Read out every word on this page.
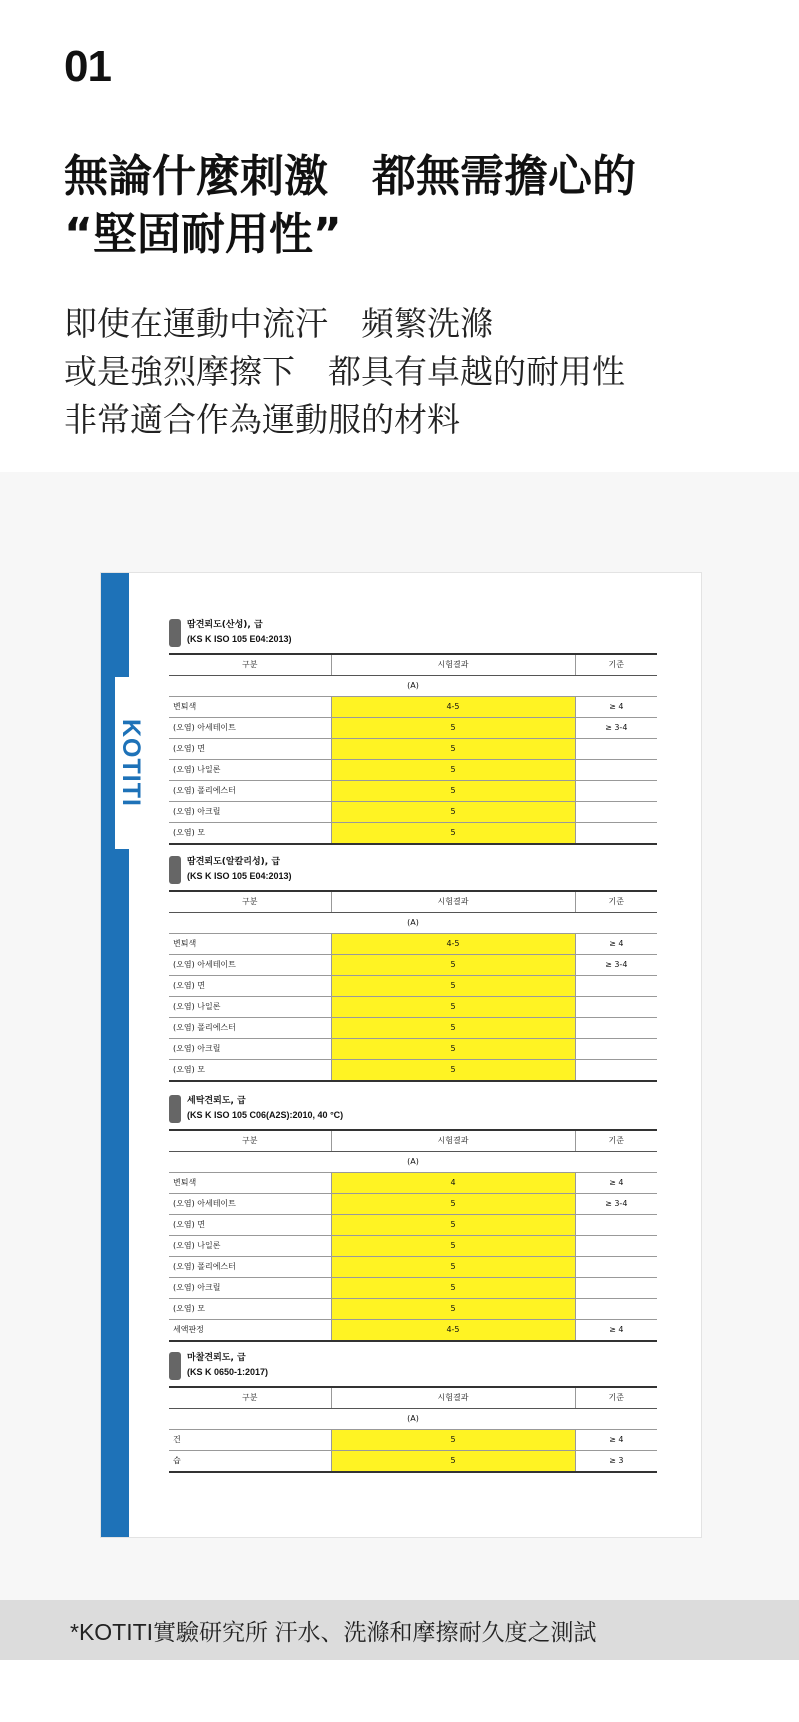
01
無論什麼刺激　都無需擔心的
“堅固耐用性”
即使在運動中流汗　頻繁洗滌
或是強烈摩擦下　都具有卓越的耐用性
非常適合作為運動服的材料
KOTITI
땀견뢰도(산성), 급
(KS K ISO 105 E04:2013)
구분	시험결과	기준
(A)		
변퇴색	4-5	≥ 4
(오염) 아세테이트	5	≥ 3-4
(오염) 면	5	
(오염) 나일론	5	
(오염) 폴리에스터	5	
(오염) 아크릴	5	
(오염) 모	5	
땀견뢰도(알칼리성), 급
(KS K ISO 105 E04:2013)
구분	시험결과	기준
(A)		
변퇴색	4-5	≥ 4
(오염) 아세테이트	5	≥ 3-4
(오염) 면	5	
(오염) 나일론	5	
(오염) 폴리에스터	5	
(오염) 아크릴	5	
(오염) 모	5	
세탁견뢰도, 급
(KS K ISO 105 C06(A2S):2010, 40 °C)
구분	시험결과	기준
(A)		
변퇴색	4	≥ 4
(오염) 아세테이트	5	≥ 3-4
(오염) 면	5	
(오염) 나일론	5	
(오염) 폴리에스터	5	
(오염) 아크릴	5	
(오염) 모	5	
세액판정	4-5	≥ 4
마찰견뢰도, 급
(KS K 0650-1:2017)
구분	시험결과	기준
(A)		
건	5	≥ 4
습	5	≥ 3
*KOTITI實驗研究所 汗水、洗滌和摩擦耐久度之測試
